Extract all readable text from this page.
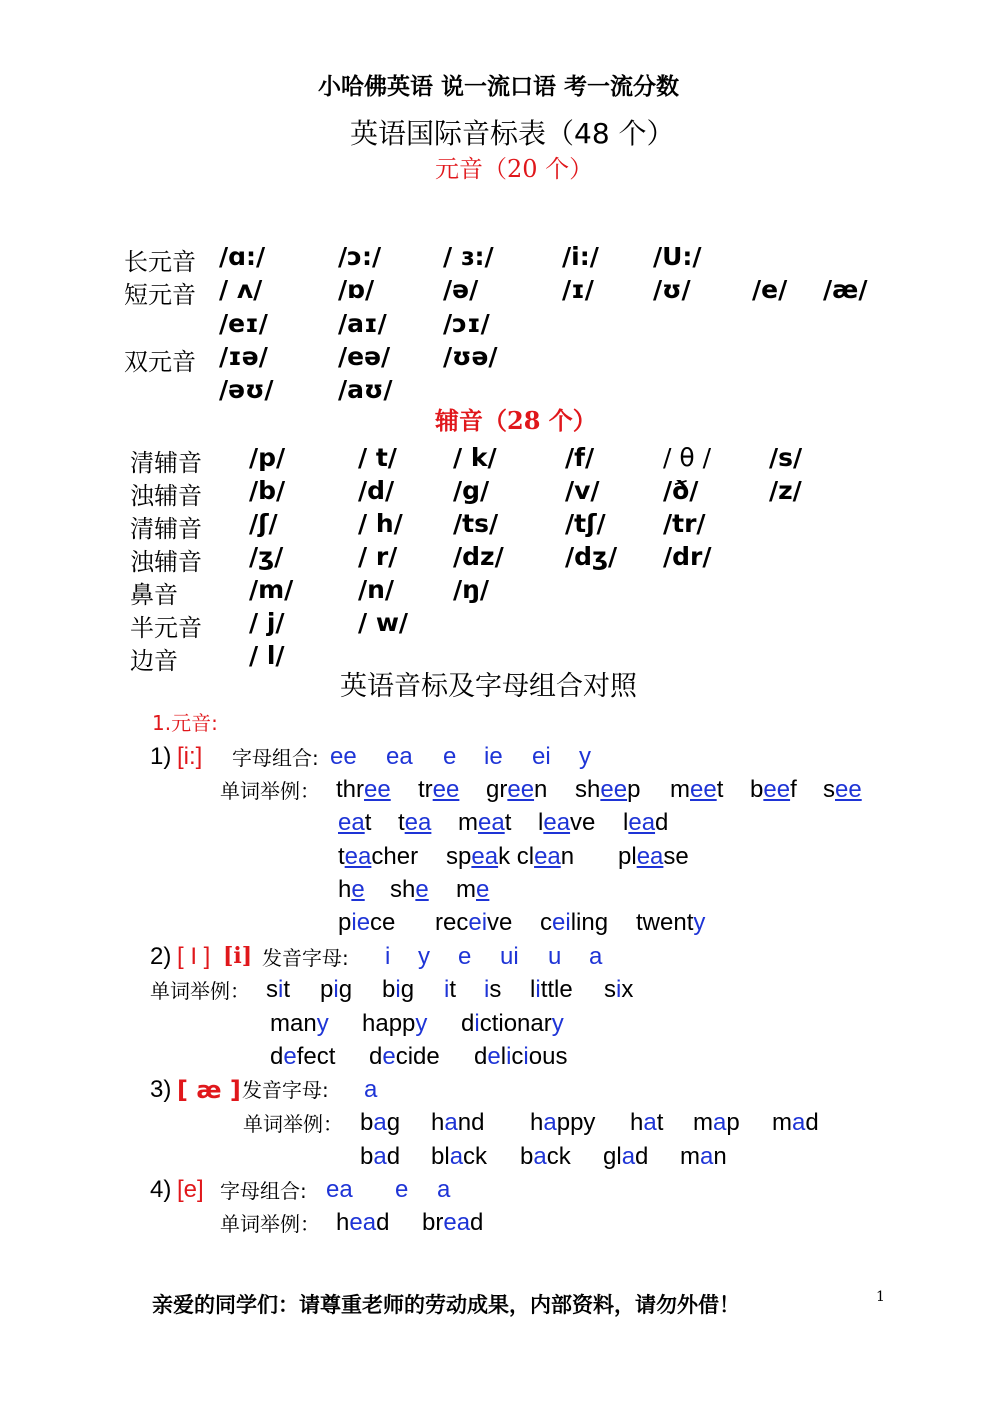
小哈佛英语 说一流口语 考一流分数
英语国际音标表（48 个）
元音（20 个）
长元音 /ɑ:/	/ɔ:/ / ɜ:/	/i:/ /U:/
短元音 / ʌ/	/ɒ/	/ə/	/ɪ/ /ʊ/ /e/ /æ/
/eɪ/	/aɪ/ /ɔɪ/
双元音 /ɪə/	/eə/ /ʊə/
/əʊ/	/aʊ/
辅音（28 个）
清辅音 /p/	/ t/ / k/	/f/	/ θ / /s/
浊辅音 /b/	/d/ /g/	/v/	/ð/	/z/
清辅音 /ʃ/	/ h/ /ts/	/tʃ/ /tr/
浊辅音 /ʒ/	/ r/ /dz/ /dʒ/ /dr/
鼻音	/m/	/n/ /ŋ/
半元音 / j/	/ w/
边音	/ l/
英语音标及字母组合对照
1.元音:
1) [i:] 字母组合: ee ea e ie ei y
单词举例：
2) [ I ] [i] 发音字母: i y e ui u a
单词举例：
3) [ æ ] 发音字母: a
单词举例：
4) [e] 字母组合: ea e a
单词举例：
亲爱的同学们：请尊重老师的劳动成果，内部资料，请勿外借！	1
three tree green sheep meet beef see
eat tea meat leave lead
teacher speak clean please
he she me
piece receive ceiling twenty
sit pig big it is little six
many happy dictionary
defect decide delicious
bag hand happy hat map mad
bad black back glad man
head bread
